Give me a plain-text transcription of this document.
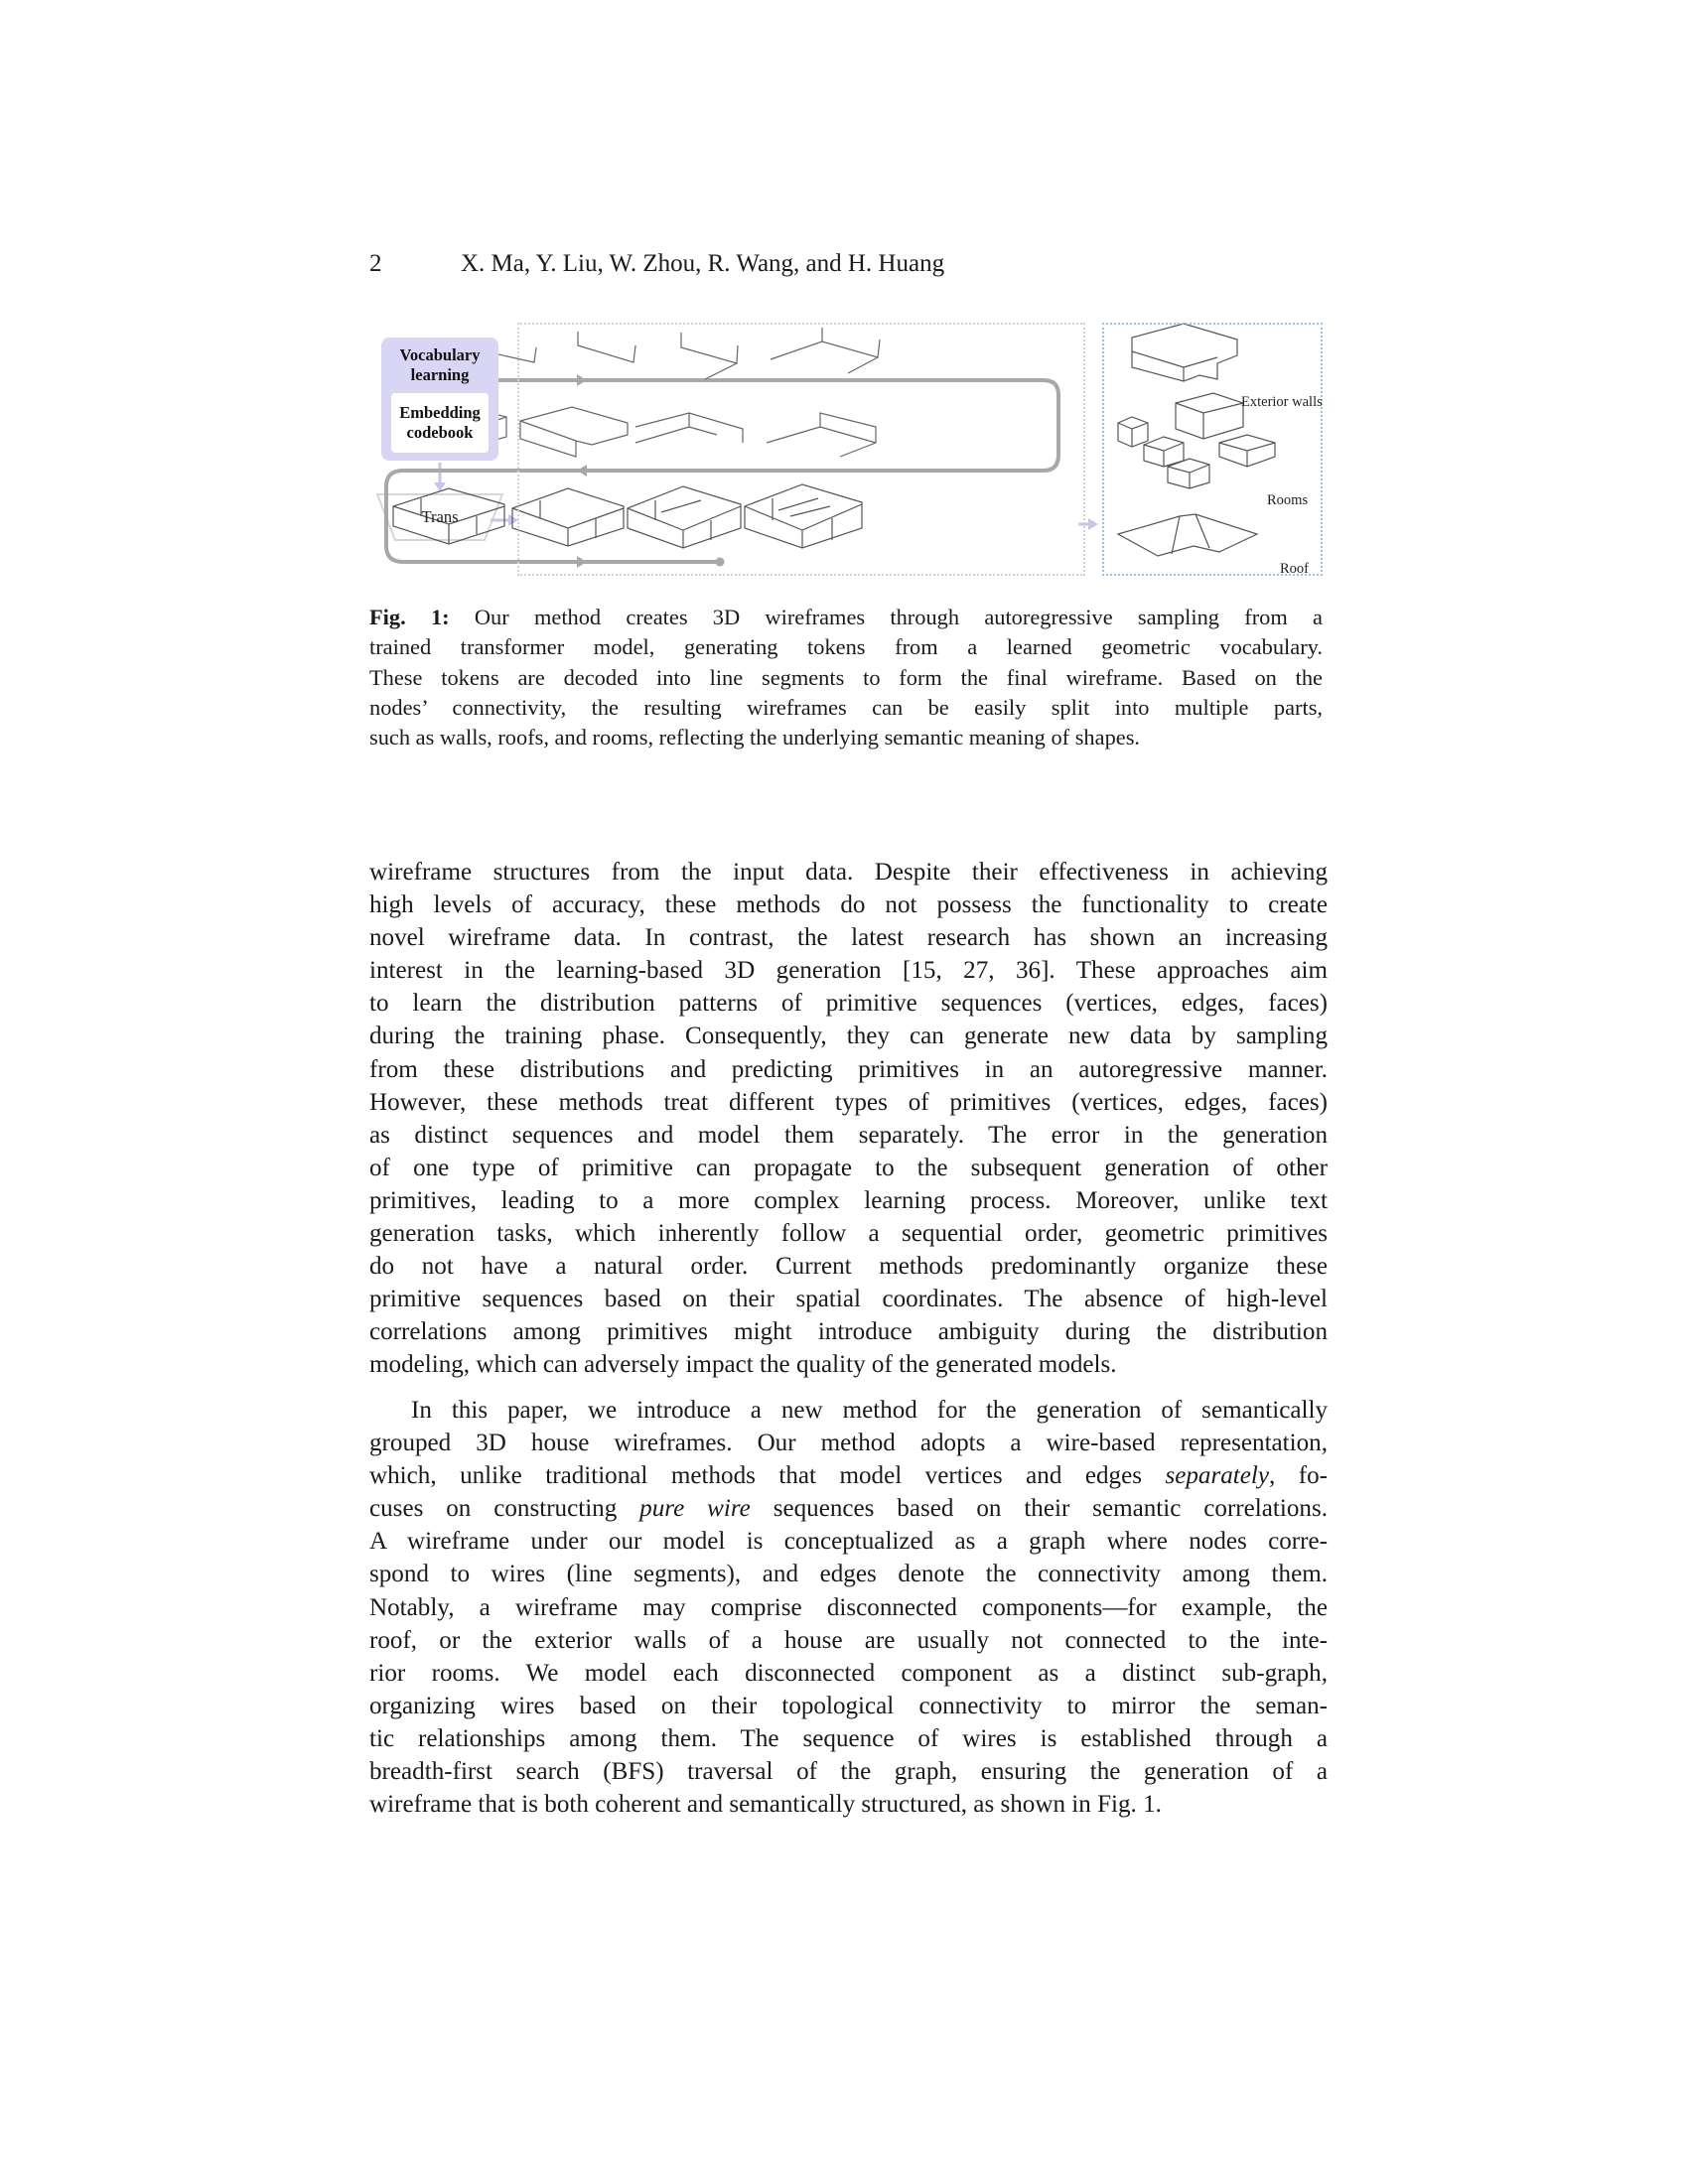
2	X. Ma, Y. Liu, W. Zhou, R. Wang, and H. Huang
Vocabulary
learning
Embedding
codebook
Trans
Exterior walls
Rooms
Roof
Fig. 1: Our method creates 3D wireframes through autoregressive sampling from a
trained transformer model, generating tokens from a learned geometric vocabulary.
These tokens are decoded into line segments to form the final wireframe. Based on the
nodes’ connectivity, the resulting wireframes can be easily split into multiple parts,
such as walls, roofs, and rooms, reflecting the underlying semantic meaning of shapes.
wireframe structures from the input data. Despite their effectiveness in achieving
high levels of accuracy, these methods do not possess the functionality to create
novel wireframe data. In contrast, the latest research has shown an increasing
interest in the learning-based 3D generation [15, 27, 36]. These approaches aim
to learn the distribution patterns of primitive sequences (vertices, edges, faces)
during the training phase. Consequently, they can generate new data by sampling
from these distributions and predicting primitives in an autoregressive manner.
However, these methods treat different types of primitives (vertices, edges, faces)
as distinct sequences and model them separately. The error in the generation
of one type of primitive can propagate to the subsequent generation of other
primitives, leading to a more complex learning process. Moreover, unlike text
generation tasks, which inherently follow a sequential order, geometric primitives
do not have a natural order. Current methods predominantly organize these
primitive sequences based on their spatial coordinates. The absence of high-level
correlations among primitives might introduce ambiguity during the distribution
modeling, which can adversely impact the quality of the generated models.
In this paper, we introduce a new method for the generation of semantically
grouped 3D house wireframes. Our method adopts a wire-based representation,
which, unlike traditional methods that model vertices and edges separately, fo-
cuses on constructing pure wire sequences based on their semantic correlations.
A wireframe under our model is conceptualized as a graph where nodes corre-
spond to wires (line segments), and edges denote the connectivity among them.
Notably, a wireframe may comprise disconnected components—for example, the
roof, or the exterior walls of a house are usually not connected to the inte-
rior rooms. We model each disconnected component as a distinct sub-graph,
organizing wires based on their topological connectivity to mirror the seman-
tic relationships among them. The sequence of wires is established through a
breadth-first search (BFS) traversal of the graph, ensuring the generation of a
wireframe that is both coherent and semantically structured, as shown in Fig. 1.
